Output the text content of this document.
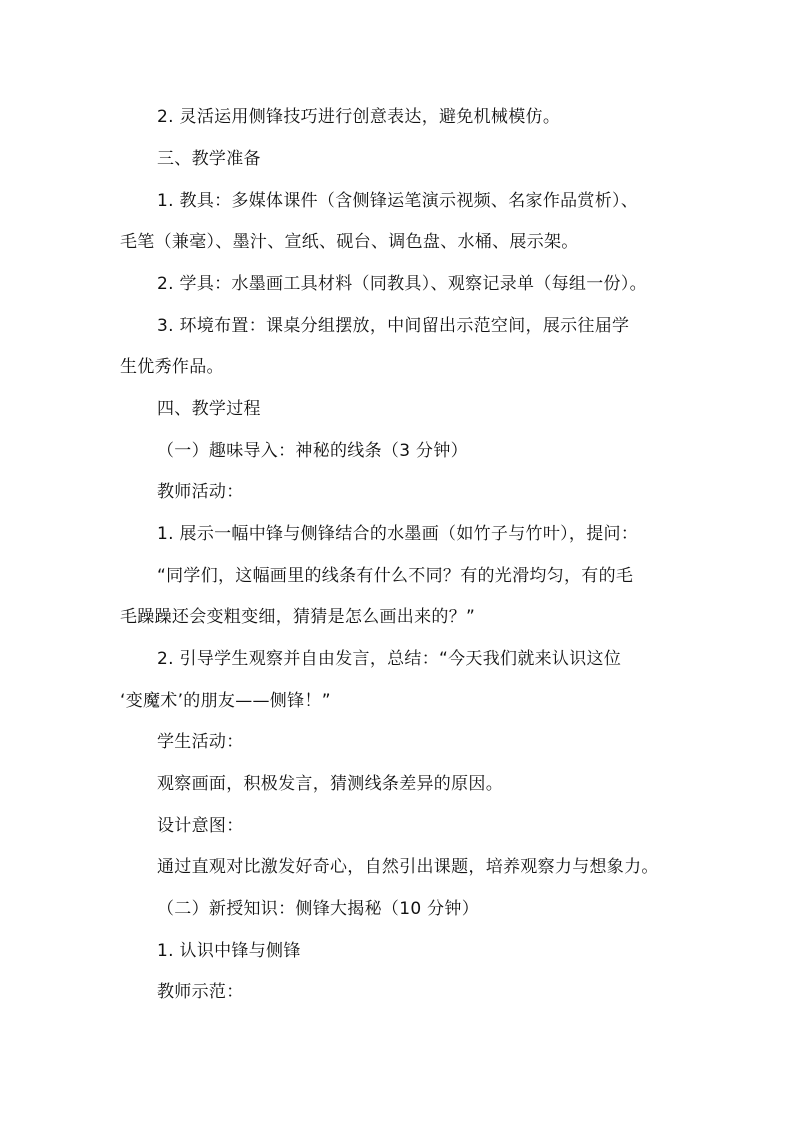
2. 灵活运用侧锋技巧进行创意表达，避免机械模仿。
三、教学准备
1. 教具：多媒体课件（含侧锋运笔演示视频、名家作品赏析）、
毛笔（兼毫）、墨汁、宣纸、砚台、调色盘、水桶、展示架。
2. 学具：水墨画工具材料（同教具）、观察记录单（每组一份）。
3. 环境布置：课桌分组摆放，中间留出示范空间，展示往届学
生优秀作品。
四、教学过程
（一）趣味导入：神秘的线条（3 分钟）
教师活动：
1. 展示一幅中锋与侧锋结合的水墨画（如竹子与竹叶），提问：
“同学们，这幅画里的线条有什么不同？有的光滑均匀，有的毛
毛躁躁还会变粗变细，猜猜是怎么画出来的？”
2. 引导学生观察并自由发言，总结：“今天我们就来认识这位
‘变魔术’的朋友——侧锋！”
学生活动：
观察画面，积极发言，猜测线条差异的原因。
设计意图：
通过直观对比激发好奇心，自然引出课题，培养观察力与想象力。
（二）新授知识：侧锋大揭秘（10 分钟）
1. 认识中锋与侧锋
教师示范：
